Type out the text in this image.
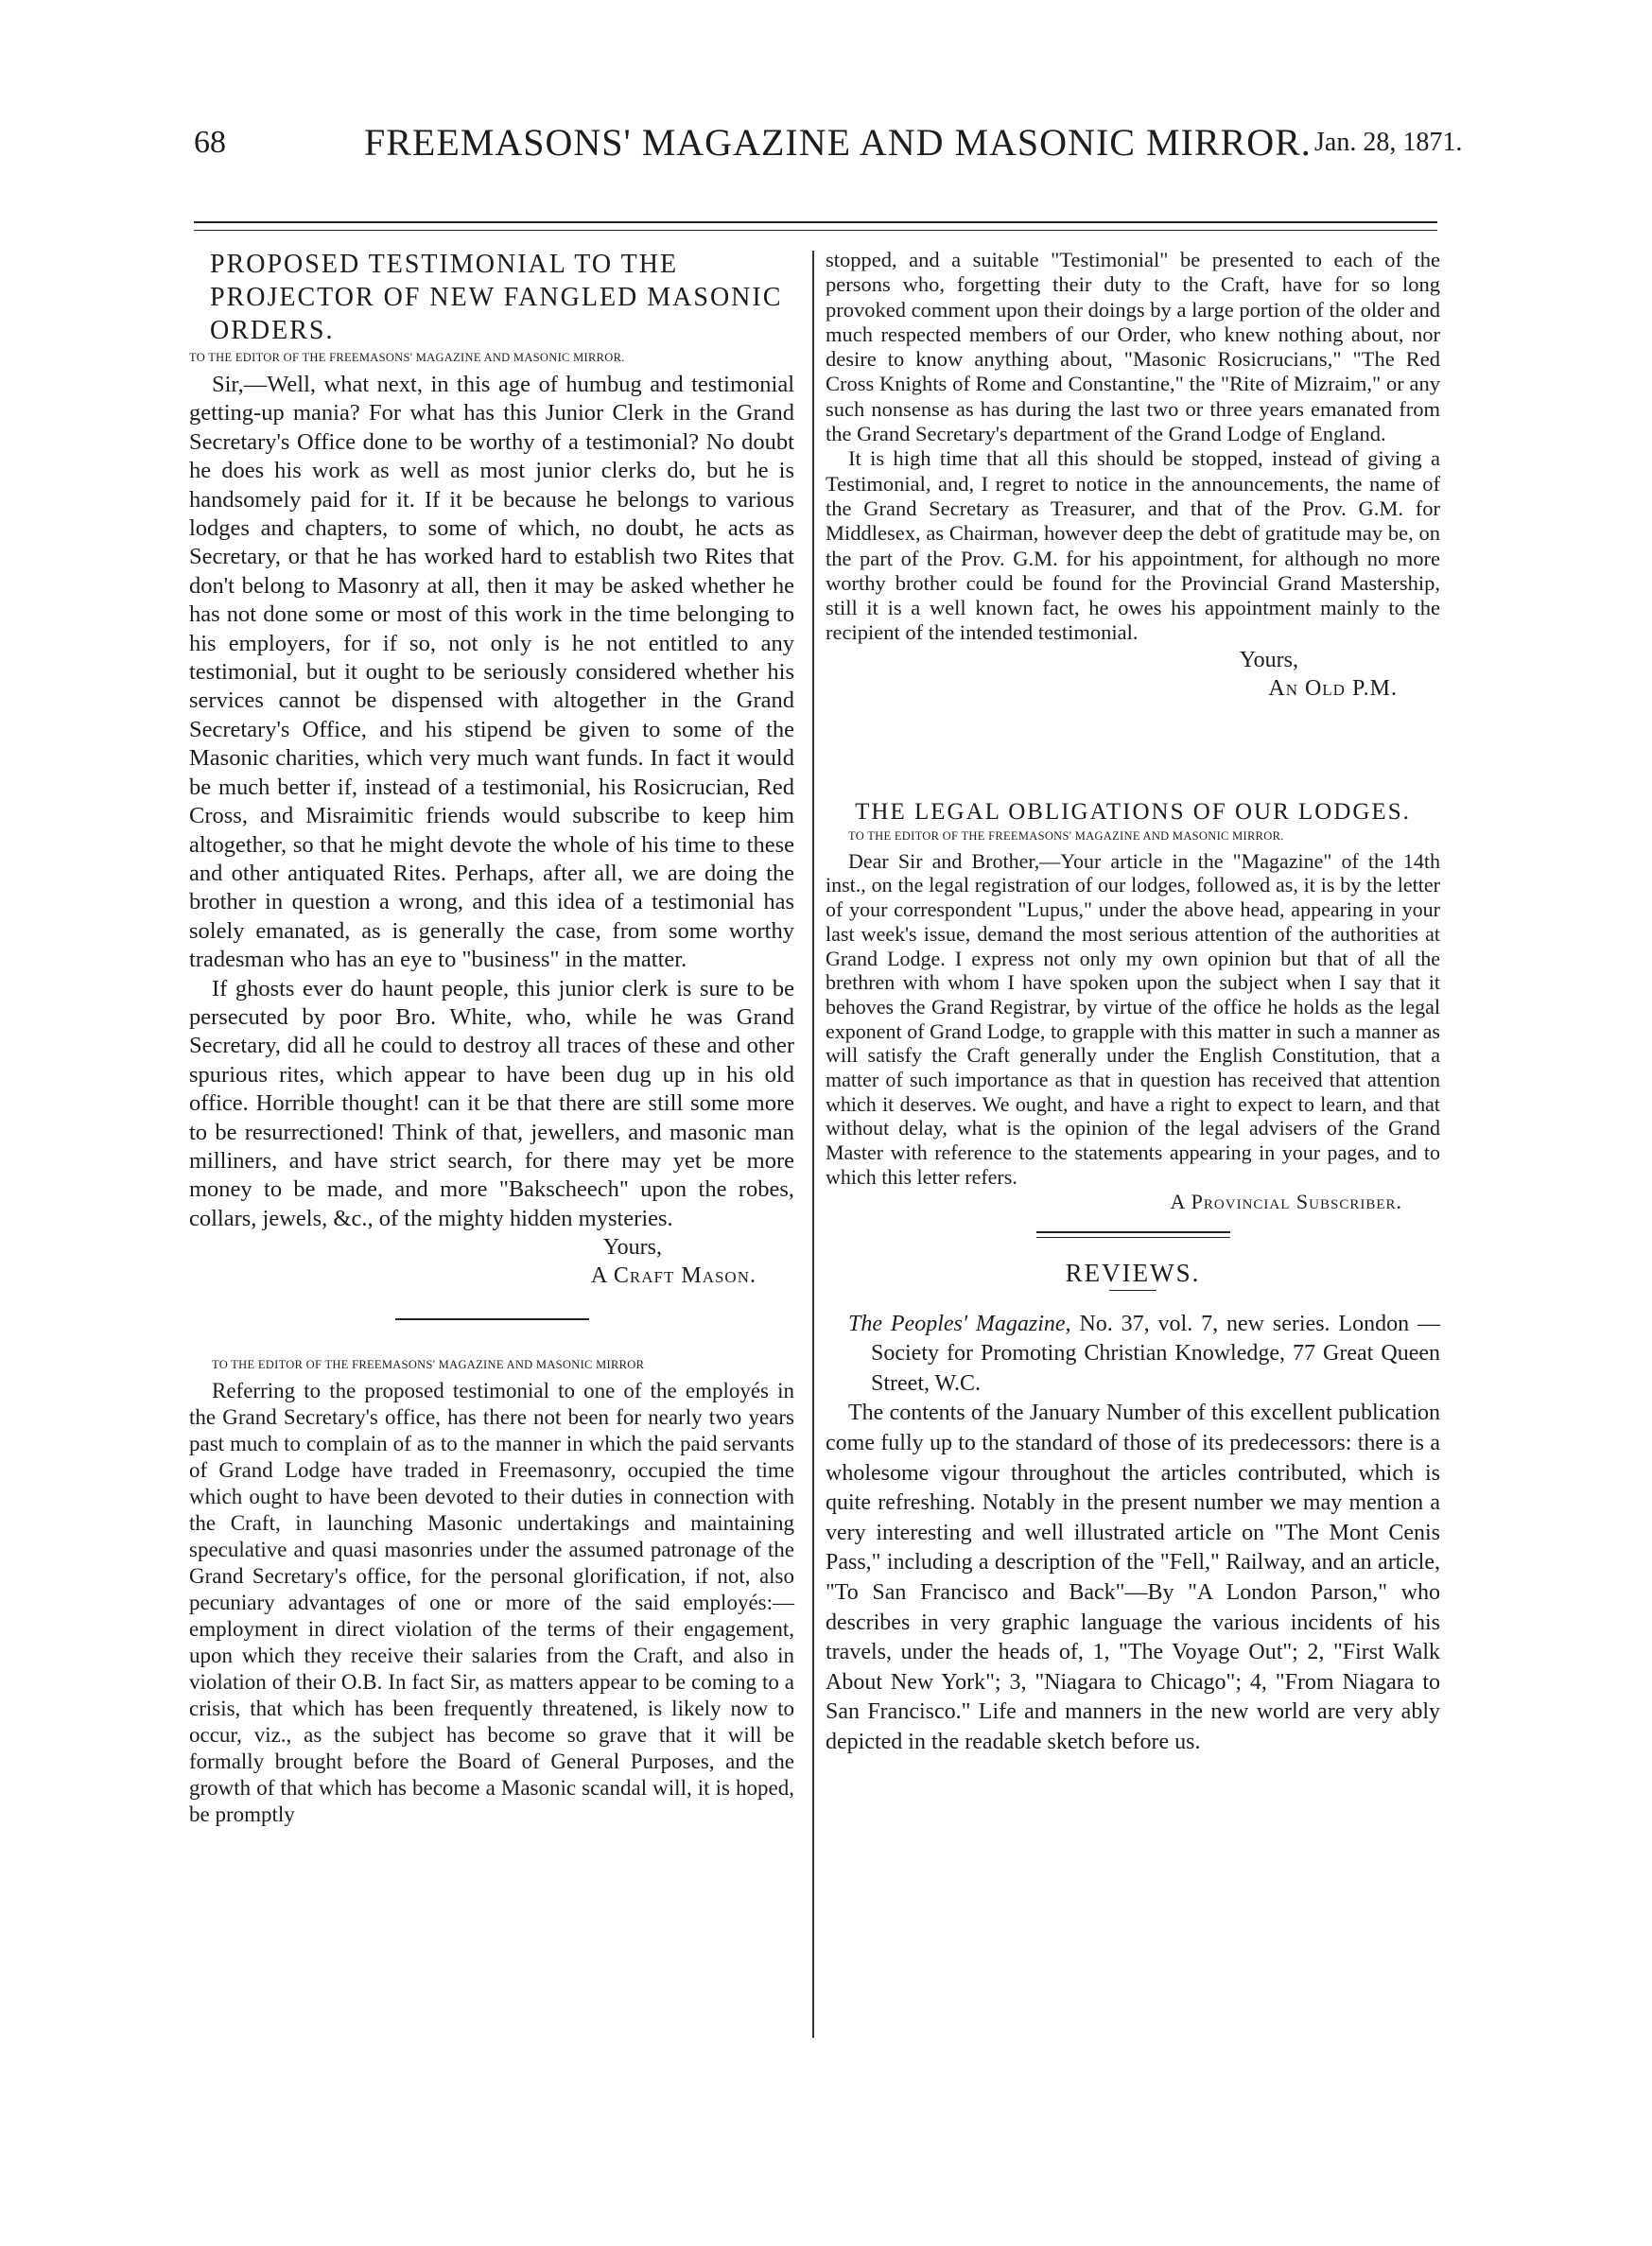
68	FREEMASONS' MAGAZINE AND MASONIC MIRROR. Jan. 28, 1871.
PROPOSED TESTIMONIAL TO THE PROJECTOR OF NEW FANGLED MASONIC ORDERS.
TO THE EDITOR OF THE FREEMASONS' MAGAZINE AND MASONIC MIRROR.

Sir,—Well, what next, in this age of humbug and testimonial getting-up mania? For what has this Junior Clerk in the Grand Secretary's Office done to be worthy of a testimonial? No doubt he does his work as well as most junior clerks do, but he is handsomely paid for it. If it be because he belongs to various lodges and chapters, to some of which, no doubt, he acts as Secretary, or that he has worked hard to establish two Rites that don't belong to Masonry at all, then it may be asked whether he has not done some or most of this work in the time belonging to his employers, for if so, not only is he not entitled to any testimonial, but it ought to be seriously considered whether his services cannot be dispensed with altogether in the Grand Secretary's Office, and his stipend be given to some of the Masonic charities, which very much want funds. In fact it would be much better if, instead of a testimonial, his Rosicrucian, Red Cross, and Misraimitic friends would subscribe to keep him altogether, so that he might devote the whole of his time to these and other antiquated Rites. Perhaps, after all, we are doing the brother in question a wrong, and this idea of a testimonial has solely emanated, as is generally the case, from some worthy tradesman who has an eye to "business" in the matter.

If ghosts ever do haunt people, this junior clerk is sure to be persecuted by poor Bro. White, who, while he was Grand Secretary, did all he could to destroy all traces of these and other spurious rites, which appear to have been dug up in his old office. Horrible thought! can it be that there are still some more to be resurrectioned! Think of that, jewellers, and masonic man milliners, and have strict search, for there may yet be more money to be made, and more "Bakscheech" upon the robes, collars, jewels, &c., of the mighty hidden mysteries.

Yours,
A Craft Mason.
TO THE EDITOR OF THE FREEMASONS' MAGAZINE AND MASONIC MIRROR

Referring to the proposed testimonial to one of the employés in the Grand Secretary's office, has there not been for nearly two years past much to complain of as to the manner in which the paid servants of Grand Lodge have traded in Freemasonry, occupied the time which ought to have been devoted to their duties in connection with the Craft, in launching Masonic undertakings and maintaining speculative and quasi masonries under the assumed patronage of the Grand Secretary's office, for the personal glorification, if not, also pecuniary advantages of one or more of the said employés:—employment in direct violation of the terms of their engagement, upon which they receive their salaries from the Craft, and also in violation of their O.B. In fact Sir, as matters appear to be coming to a crisis, that which has been frequently threatened, is likely now to occur, viz., as the subject has become so grave that it will be formally brought before the Board of General Purposes, and the growth of that which has become a Masonic scandal will, it is hoped, be promptly

stopped, and a suitable "Testimonial" be presented to each of the persons who, forgetting their duty to the Craft, have for so long provoked comment upon their doings by a large portion of the older and much respected members of our Order, who knew nothing about, nor desire to know anything about, "Masonic Rosicrucians," "The Red Cross Knights of Rome and Constantine," the "Rite of Mizraim," or any such nonsense as has during the last two or three years emanated from the Grand Secretary's department of the Grand Lodge of England.

It is high time that all this should be stopped, instead of giving a Testimonial, and, I regret to notice in the announcements, the name of the Grand Secretary as Treasurer, and that of the Prov. G.M. for Middlesex, as Chairman, however deep the debt of gratitude may be, on the part of the Prov. G.M. for his appointment, for although no more worthy brother could be found for the Provincial Grand Mastership, still it is a well known fact, he owes his appointment mainly to the recipient of the intended testimonial.

Yours,
An Old P.M.
THE LEGAL OBLIGATIONS OF OUR LODGES.
TO THE EDITOR OF THE FREEMASONS' MAGAZINE AND MASONIC MIRROR.

Dear Sir and Brother,—Your article in the "Magazine" of the 14th inst., on the legal registration of our lodges, followed as, it is by the letter of your correspondent "Lupus," under the above head, appearing in your last week's issue, demand the most serious attention of the authorities at Grand Lodge. I express not only my own opinion but that of all the brethren with whom I have spoken upon the subject when I say that it behoves the Grand Registrar, by virtue of the office he holds as the legal exponent of Grand Lodge, to grapple with this matter in such a manner as will satisfy the Craft generally under the English Constitution, that a matter of such importance as that in question has received that attention which it deserves. We ought, and have a right to expect to learn, and that without delay, what is the opinion of the legal advisers of the Grand Master with reference to the statements appearing in your pages, and to which this letter refers.

A Provincial Subscriber.
REVIEWS.

The Peoples' Magazine, No. 37, vol. 7, new series. London —Society for Promoting Christian Knowledge, 77 Great Queen Street, W.C.

The contents of the January Number of this excellent publication come fully up to the standard of those of its predecessors: there is a wholesome vigour throughout the articles contributed, which is quite refreshing. Notably in the present number we may mention a very interesting and well illustrated article on "The Mont Cenis Pass," including a description of the "Fell," Railway, and an article, "To San Francisco and Back"—By "A London Parson," who describes in very graphic language the various incidents of his travels, under the heads of, 1, "The Voyage Out"; 2, "First Walk About New York"; 3, "Niagara to Chicago"; 4, "From Niagara to San Francisco." Life and manners in the new world are very ably depicted in the readable sketch before us.
